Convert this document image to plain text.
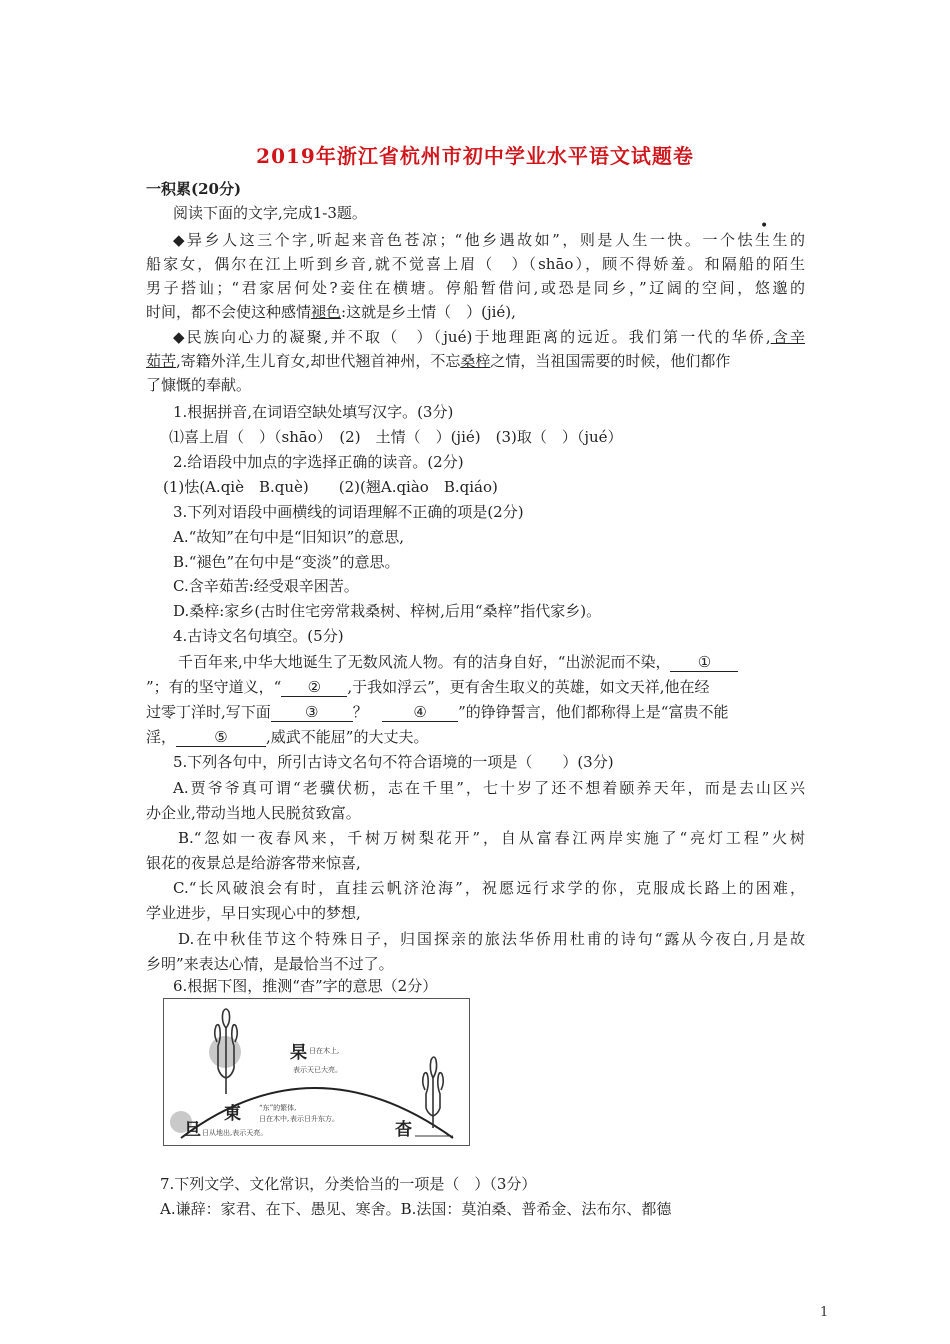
2019年浙江省杭州市初中学业水平语文试题卷
一积累(20分)
阅读下面的文字,完成1-3题。
•
◆异乡人这三个字,听起来音色苍凉；“他乡遇故如”，则是人生一快。一个怯生生的
船家女，偶尔在江上听到乡音,就不觉喜上眉（　）（shāo），顾不得娇羞。和隔船的陌生
男子搭讪；“君家居何处?妾住在横塘。停船暂借问,或恐是同乡，”辽阔的空间，悠邈的
时间，都不会使这种感情褪色:这就是乡土情（　）(jié),
◆民族向心力的凝聚,并不取（　）（jué)于地理距离的远近。我们第一代的华侨,含辛
茹苦,寄籍外洋,生儿育女,却世代翘首神州，不忘桑梓之情，当祖国需要的时候，他们都作
了慷慨的奉献。
1.根据拼音,在词语空缺处填写汉字。(3分)
⑴喜上眉（　）（shāo）　(2)　土情（　）(jié)　(3)取（　）（jué）
2.给语段中加点的字选择正确的读音。(2分)
(1)怯(A.qiè　B.què)　　(2)(翘A.qiào　B.qiáo)
3.下列对语段中画横线的词语理解不正确的项是(2分)
A.“故知”在句中是“旧知识”的意思,
B.“褪色”在句中是“变淡”的意思。
C.含辛茹苦:经受艰辛困苦。
D.桑梓:家乡(古时住宅旁常栽桑树、梓树,后用“桑梓”指代家乡)。
4.古诗文名句填空。(5分)
千百年来,中华大地诞生了无数风流人物。有的洁身自好，“出淤泥而不染， ①
”；有的坚守道义，“ ② ,于我如浮云”，更有舍生取义的英雄，如文天祥,他在经
过零丁洋时,写下面 ③ ？	④ ”的铮铮誓言，他们都称得上是“富贵不能
淫，	⑤	,威武不能屈”的大丈夫。
5.下列各句中，所引古诗文名句不符合语境的一项是（　　）(3分)
A.贾爷爷真可谓“老骥伏枥，志在千里”，七十岁了还不想着颐养天年，而是去山区兴
办企业,带动当地人民脱贫致富。
B.“忽如一夜春风来，千树万树梨花开”，自从富春江两岸实施了“亮灯工程”火树
银花的夜景总是给游客带来惊喜,
C.“长风破浪会有时，直挂云帆济沧海”，祝愿远行求学的你，克服成长路上的困难，
学业进步，早日实现心中的梦想,
D.在中秋佳节这个特殊日子，归国探亲的旅法华侨用杜甫的诗句“露从今夜白,月是故
乡明”来表达心情，是最恰当不过了。
6.根据下图，推测“杳”字的意思（2分）
杲 日在木上,
表示天已大亮。
東	“东”的繁体,
日在木中, 表示日升东方。
旦 日从地出,表示天亮。	杳
7.下列文学、文化常识，分类恰当的一项是（　）（3分）
A.谦辞：家君、在下、愚见、寒舍。B.法国：莫泊桑、普希金、法布尔、都德
1
